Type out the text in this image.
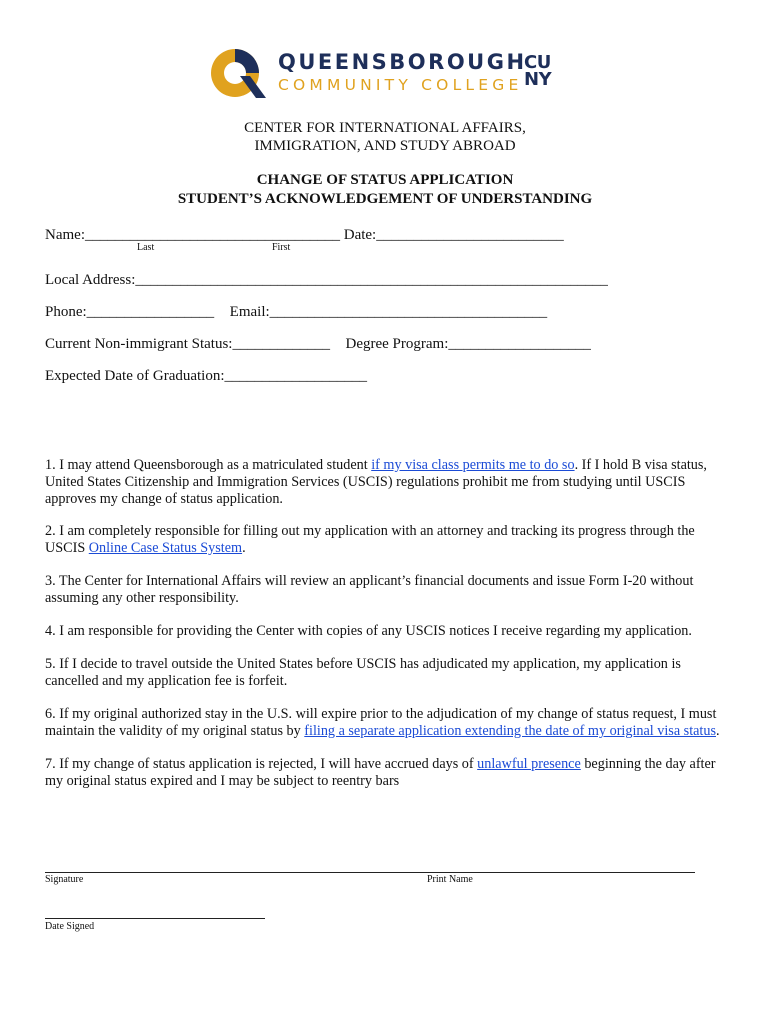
QUEENSBOROUGH
COMMUNITY COLLEGE
CU
NY
CENTER FOR INTERNATIONAL AFFAIRS,
IMMIGRATION, AND STUDY ABROAD
CHANGE OF STATUS APPLICATION
STUDENT’S ACKNOWLEDGEMENT OF UNDERSTANDING
Name:__________________________________ Date:_________________________
Last	First
Local Address:_______________________________________________________________
Phone:_________________ Email:_____________________________________
Current Non-immigrant Status:_____________ Degree Program:___________________
Expected Date of Graduation:___________________
1. I may attend Queensborough as a matriculated student if my visa class permits me to do so. If I hold B visa status, United States Citizenship and Immigration Services (USCIS) regulations prohibit me from studying until USCIS approves my change of status application.
2. I am completely responsible for filling out my application with an attorney and tracking its progress through the USCIS Online Case Status System.
3. The Center for International Affairs will review an applicant’s financial documents and issue Form I-20 without assuming any other responsibility.
4. I am responsible for providing the Center with copies of any USCIS notices I receive regarding my application.
5. If I decide to travel outside the United States before USCIS has adjudicated my application, my application is cancelled and my application fee is forfeit.
6. If my original authorized stay in the U.S. will expire prior to the adjudication of my change of status request, I must maintain the validity of my original status by filing a separate application extending the date of my original visa status.
7. If my change of status application is rejected, I will have accrued days of unlawful presence beginning the day after my original status expired and I may be subject to reentry bars
Signature	Print Name
Date Signed
